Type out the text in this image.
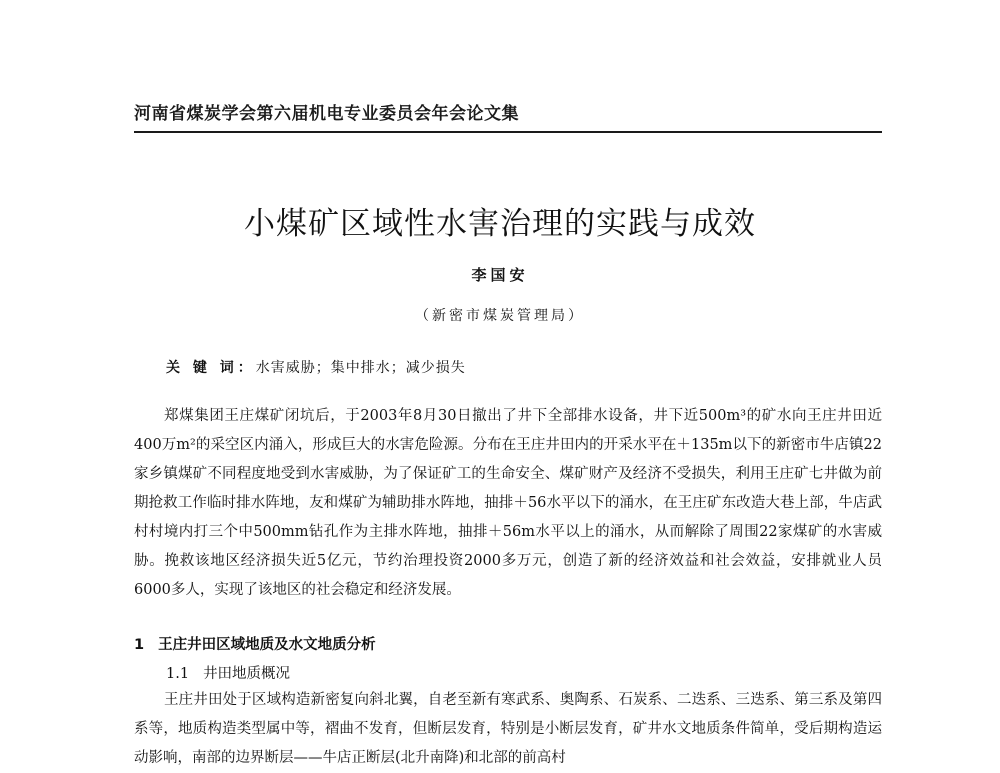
河南省煤炭学会第六届机电专业委员会年会论文集
小煤矿区域性水害治理的实践与成效
李国安
（新密市煤炭管理局）
关 键 词：水害威胁；集中排水；减少损失
郑煤集团王庄煤矿闭坑后，于2003年8月30日撤出了井下全部排水设备，井下近500m³的矿水向王庄井田近400万m²的采空区内涌入，形成巨大的水害危险源。分布在王庄井田内的开采水平在＋135m以下的新密市牛店镇22家乡镇煤矿不同程度地受到水害威胁，为了保证矿工的生命安全、煤矿财产及经济不受损失，利用王庄矿七井做为前期抢救工作临时排水阵地，友和煤矿为辅助排水阵地，抽排＋56水平以下的涌水，在王庄矿东改造大巷上部，牛店武村村境内打三个中500mm钻孔作为主排水阵地，抽排＋56m水平以上的涌水，从而解除了周围22家煤矿的水害威胁。挽救该地区经济损失近5亿元，节约治理投资2000多万元，创造了新的经济效益和社会效益，安排就业人员6000多人，实现了该地区的社会稳定和经济发展。
1 王庄井田区域地质及水文地质分析
1.1 井田地质概况
王庄井田处于区域构造新密复向斜北翼，自老至新有寒武系、奥陶系、石炭系、二迭系、三迭系、第三系及第四系等，地质构造类型属中等，褶曲不发育，但断层发育，特别是小断层发育，矿井水文地质条件简单，受后期构造运动影响，南部的边界断层——牛店正断层(北升南降)和北部的前高村
